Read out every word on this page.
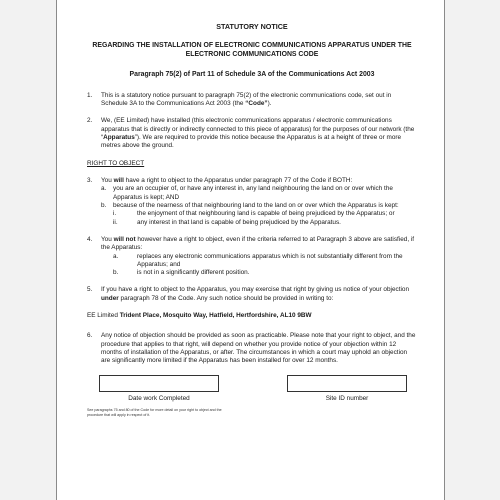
STATUTORY NOTICE
REGARDING THE INSTALLATION OF ELECTRONIC COMMUNICATIONS APPARATUS UNDER THE ELECTRONIC COMMUNICATIONS CODE
Paragraph 75(2) of Part 11 of Schedule 3A of the Communications Act 2003
1.	This is a statutory notice pursuant to paragraph 75(2) of the electronic communications code, set out in Schedule 3A to the Communications Act 2003 (the “Code”).
2.	We, (EE Limited) have installed (this electronic communications apparatus / electronic communications apparatus that is directly or indirectly connected to this piece of apparatus) for the purposes of our network (the “Apparatus”). We are required to provide this notice because the Apparatus is at a height of three or more metres above the ground.
RIGHT TO OBJECT
3.	You will have a right to object to the Apparatus under paragraph 77 of the Code if BOTH:
a.	you are an occupier of, or have any interest in, any land neighbouring the land on or over which the Apparatus is kept; AND
b.	because of the nearness of that neighbouring land to the land on or over which the Apparatus is kept:
i.	the enjoyment of that neighbouring land is capable of being prejudiced by the Apparatus; or
ii.	any interest in that land is capable of being prejudiced by the Apparatus.
4.	You will not however have a right to object, even if the criteria referred to at Paragraph 3 above are satisfied, if the Apparatus:
a.	replaces any electronic communications apparatus which is not substantially different from the Apparatus; and
b.	is not in a significantly different position.
5.	If you have a right to object to the Apparatus, you may exercise that right by giving us notice of your objection under paragraph 78 of the Code. Any such notice should be provided in writing to:
EE Limited Trident Place, Mosquito Way, Hatfield, Hertfordshire, AL10 9BW
6.	Any notice of objection should be provided as soon as practicable. Please note that your right to object, and the procedure that applies to that right, will depend on whether you provide notice of your objection within 12 months of installation of the Apparatus, or after. The circumstances in which a court may uphold an objection are significantly more limited if the Apparatus has been installed for over 12 months.
Date work Completed	Site ID number
See paragraphs 75 and 80 of the Code for more detail on your right to object and the procedure that will apply in respect of it.
